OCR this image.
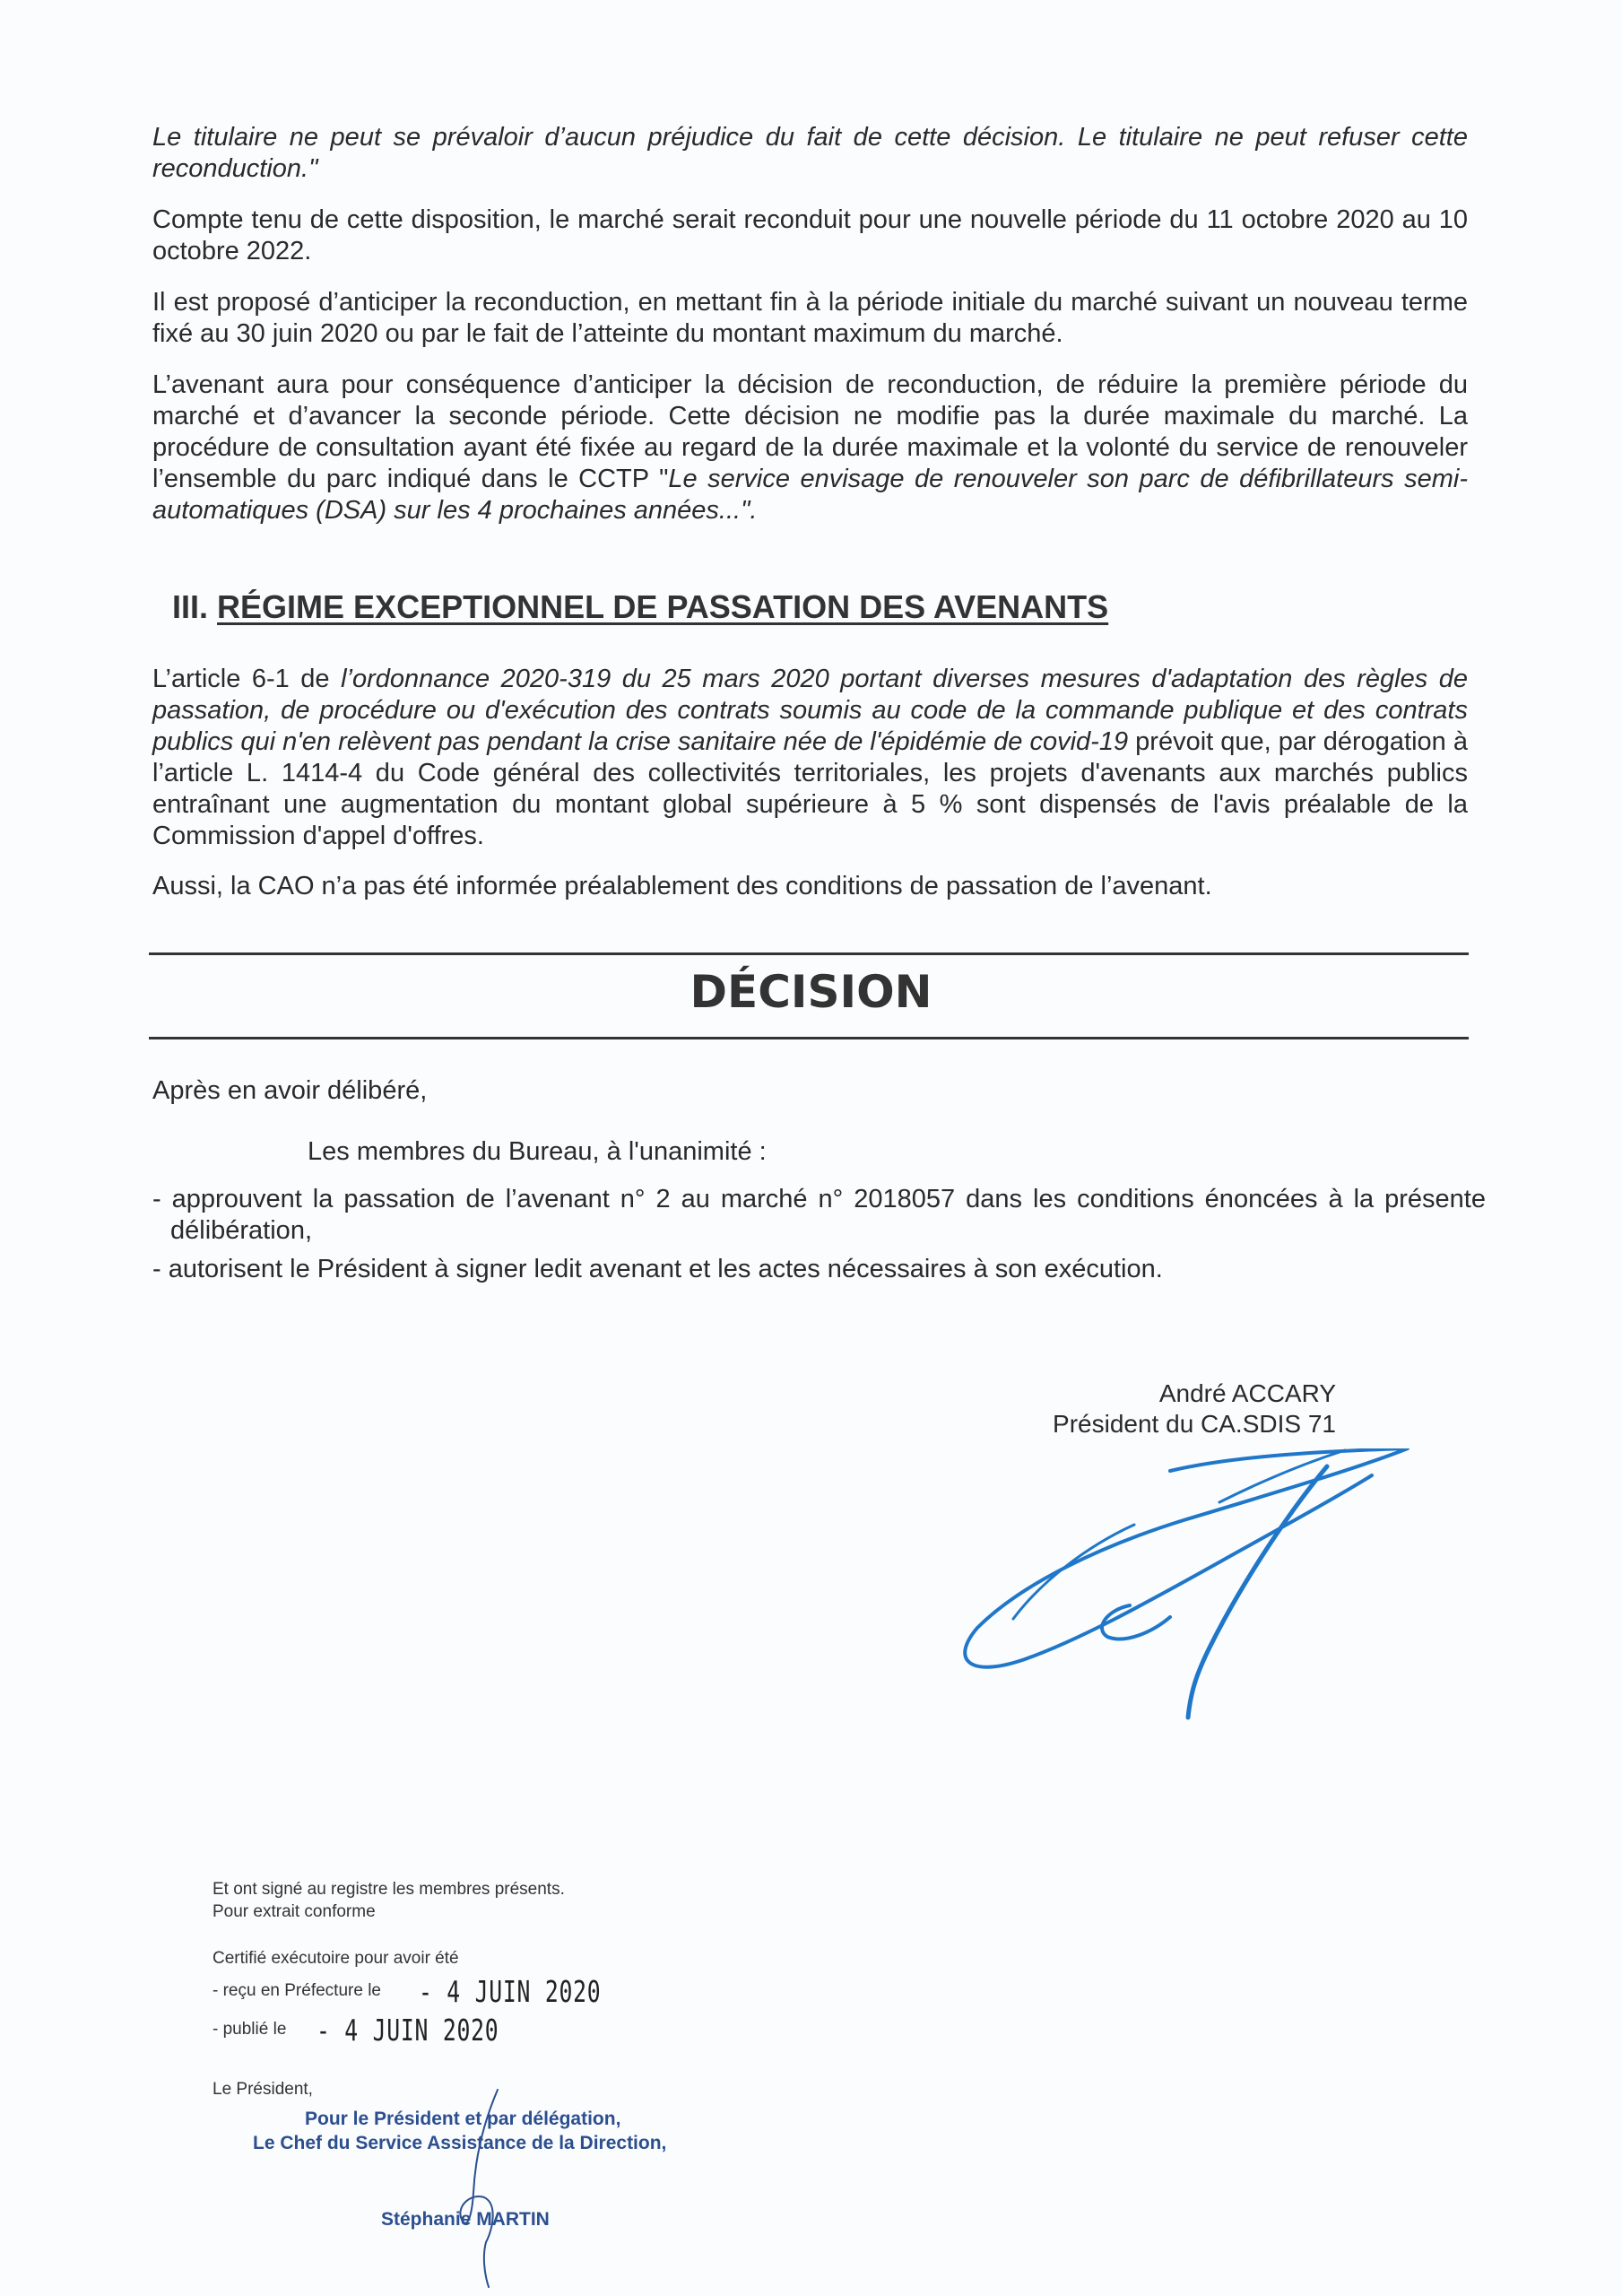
Le titulaire ne peut se prévaloir d’aucun préjudice du fait de cette décision. Le titulaire ne peut refuser cette reconduction."

Compte tenu de cette disposition, le marché serait reconduit pour une nouvelle période du 11 octobre 2020 au 10 octobre 2022.

Il est proposé d’anticiper la reconduction, en mettant fin à la période initiale du marché suivant un nouveau terme fixé au 30 juin 2020 ou par le fait de l’atteinte du montant maximum du marché.

L’avenant aura pour conséquence d’anticiper la décision de reconduction, de réduire la première période du marché et d’avancer la seconde période. Cette décision ne modifie pas la durée maximale du marché. La procédure de consultation ayant été fixée au regard de la durée maximale et la volonté du service de renouveler l’ensemble du parc indiqué dans le CCTP "Le service envisage de renouveler son parc de défibrillateurs semi-automatiques (DSA) sur les 4 prochaines années...".

III. RÉGIME EXCEPTIONNEL DE PASSATION DES AVENANTS

L’article 6-1 de l’ordonnance 2020-319 du 25 mars 2020 portant diverses mesures d'adaptation des règles de passation, de procédure ou d'exécution des contrats soumis au code de la commande publique et des contrats publics qui n'en relèvent pas pendant la crise sanitaire née de l'épidémie de covid-19 prévoit que, par dérogation à l’article L. 1414-4 du Code général des collectivités territoriales, les projets d'avenants aux marchés publics entraînant une augmentation du montant global supérieure à 5 % sont dispensés de l'avis préalable de la Commission d'appel d'offres.

Aussi, la CAO n’a pas été informée préalablement des conditions de passation de l’avenant.

DÉCISION

Après en avoir délibéré,

Les membres du Bureau, à l'unanimité :

- approuvent la passation de l’avenant n° 2 au marché n° 2018057 dans les conditions énoncées à la présente délibération,

- autorisent le Président à signer ledit avenant et les actes nécessaires à son exécution.

André ACCARY
Président du CA.SDIS 71
Et ont signé au registre les membres présents.
Pour extrait conforme
Certifié exécutoire pour avoir été
- reçu en Préfecture le - 4 JUIN 2020
- publié le - 4 JUIN 2020
Le Président,
Pour le Président et par délégation,
Le Chef du Service Assistance de la Direction,
Stéphanie MARTIN
